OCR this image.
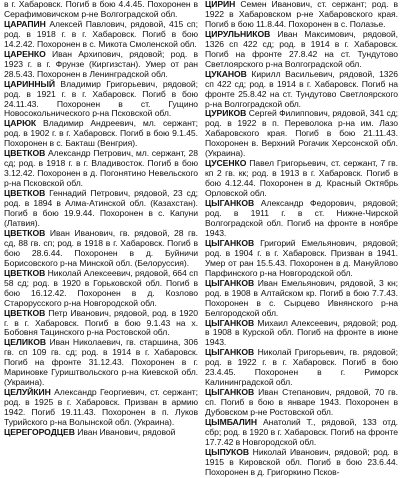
в г. Хабаровск. Погиб в бою 4.4.45. Похоронен в Серафимовичском р-не Волгоградской обл.

ЦАРАПИН Алексей Павлович, рядовой, 415 сп; род. в 1918 г. в г. Хабаровск. Погиб в бою 14.2.42. Похоронен в с. Микота Смоленской обл.

ЦАРЕНКО Иван Архипович, рядовой; род. в 1923 г. в г. Фрунзе (Киргизстан). Умер от ран 28.5.43. Похоронен в Ленинградской обл.

ЦАРИННЫЙ Владимир Григорьевич, рядовой; род. в 1921 г. в г. Хабаровск. Погиб в бою 24.11.43. Похоронен в ст. Гущино Новосокольнического р-на Псковской обл.

ЦАРЮК Владимир Андреевич, мл. сержант; род. в 1902 г. в г. Хабаровск. Погиб в бою 9.1.45. Похоронен в с. Бакташ (Венгрия).

ЦВЕТКОВ Александр Петрович, мл. сержант, 28 сд; род. в 1918 г. в г. Владивосток. Погиб в бою 3.12.42. Похоронен в д. Погонятино Невельского р-на Псковской обл.

ЦВЕТКОВ Геннадий Петрович, рядовой, 23 сд; род. в 1894 в Алма-Атинской обл. (Казахстан). Погиб в бою 19.9.44. Похоронен в с. Капуни (Латвия).

ЦВЕТКОВ Иван Иванович, гв. рядовой, 28 гв. сд, 88 гв. сп; род. в 1918 в г. Хабаровск. Погиб в бою 28.6.44. Похоронен в д. Буйничи Борисовского р-на Минской обл. (Белоруссия).

ЦВЕТКОВ Николай Алексеевич, рядовой, 664 сп 58 сд; род. в 1920 в Горьковской обл. Погиб в бою 16.12.42. Похоронен в д. Козлово Старорусского р-на Новгородской обл.

ЦВЕТКОВ Петр Иванович, рядовой, род. в 1920 г. в г. Хабаровск. Погиб в бою 9.1.43 на х. Бобовня Тацинского р-на Ростовской обл.

ЦЕЛИКОВ Иван Николаевич, гв. старшина, 306 гв. сп 109 гв. сд; род. в 1914 в г. Хабаровск. Погиб на фронте 31.12.43. Похоронен в г. Мариновке Гуриштвольского р-на Киевской обл. (Украина).

ЦЕЛУЙКИН Александр Георгиевич, ст. сержант; род. в 1925 в г. Хабаровск. Призван в армию 1942. Погиб 19.11.43. Похоронен в п. Луков Турийского р-на Волынской обл. (Украина).

ЦЕРЕГОРОДЦЕВ Иван Иванович, рядовой

ЦИРИН Семен Иванович, ст. сержант; род. в 1922 в Хабаровском р-не Хабаровского края. Погиб в бою 11.8.44. Похоронен в с. Полазье.

ЦИРУЛЬНИКОВ Иван Максимович, рядовой, 1326 сп 422 сд; род. в 1914 в г. Хабаровск. Погиб на фронте 27.8.42 на ст. Тундутово Светлоярского р-на Волгоградской обл.

ЦУКАНОВ Кирилл Васильевич, рядовой, 1326 сп 422 сд; род. в 1914 в г. Хабаровск. Погиб на фронте 25.8.42 на ст. Тундутово Светлоярского р-на Волгоградской обл.

ЦУРИКОВ Сергей Филиппович, рядовой, 341 сд; род. в 1922 в п. Переволока р-на им. Лазо Хабаровского края. Погиб в бою 21.11.43. Похоронен в. Верхний Рогачик Херсонской обл. (Украина).

ЦУСЕНКО Павел Григорьевич, ст. сержант, 7 гв. кп 2 гв. кк; род. в 1913 в г. Хабаровск. Погиб в бою 4.12.44. Похоронен в д. Красный Октябрь Орловской обл.

ЦЫГАНКОВ Александр Федорович, рядовой; род. в 1911 г. в ст. Нижне-Чирской Волгоградской обл. Погиб на фронте в ноябре 1943.

ЦЫГАНКОВ Григорий Емельянович, рядовой; род. в 1904 г. в г. Хабаровск. Призван в 1941. Умер от ран 15.5.43. Похоронен в д. Мануйлово Парфинского р-на Новгородской обл.

ЦЫГАНКОВ Иван Емельянович, рядовой, 3 кн; род. в 1908 в Алтайском кр. Погиб в бою 7.7.43. Похоронен в с. Сырцево Ивнянского р-на Белгородской обл.

ЦЫГАНКОВ Михаил Алексеевич, рядовой; род. в 1908 в Курской обл. Погиб на фронте в июне 1943.

ЦЫГАНКОВ Николай Григорьевич, гв. рядовой; род. в 1922 г. в г. Хабаровск. Погиб в бою 23.4.45. Похоронен в г. Риморск Калининградской обл.

ЦЫГАНКОВ Иван Степанович, рядовой, 70 гв. сп. Погиб в бою в январе 1943. Похоронен в Дубовском р-не Ростовской обл.

ЦЫМБАЛИН Анатолий Т., рядовой, 133 отд. сбр; род. в 1920 в г. Хабаровск. Погиб на фронте 17.7.42 в Новгородской обл.

ЦЫПУКОВ Николай Иванович, рядовой; род. в 1915 в Кировской обл. Погиб в бою 23.6.44. Похоронен в д. Григоркино Псков-
